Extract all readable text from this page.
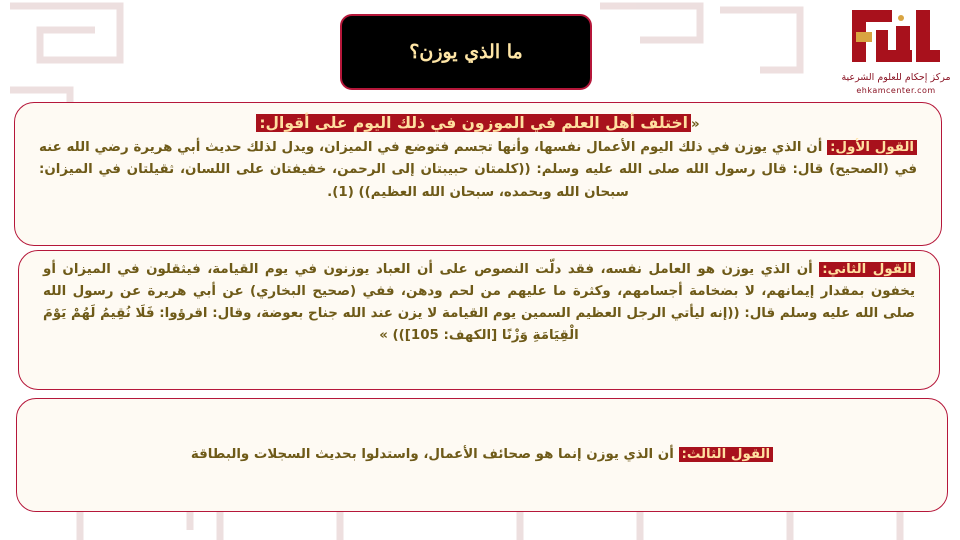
ما الذي يوزن؟
مركز إحكام للعلوم الشرعية
ehkamcenter.com

«اختلف أهل العلم في الموزون في ذلك اليوم على أقوال:
القول الأول: أن الذي يوزن في ذلك اليوم الأعمال نفسها، وأنها تجسم فتوضع في الميزان، ويدل لذلك حديث أبي هريرة رضي الله عنه في (الصحيح) قال: قال رسول الله صلى الله عليه وسلم: ((كلمتان حبيبتان إلى الرحمن، خفيفتان على اللسان، ثقيلتان في الميزان: سبحان الله وبحمده، سبحان الله العظيم)) (1).

القول الثاني: أن الذي يوزن هو العامل نفسه، فقد دلّت النصوص على أن العباد يوزنون في يوم القيامة، فيثقلون في الميزان أو يخفون بمقدار إيمانهم، لا بضخامة أجسامهم، وكثرة ما عليهم من لحم ودهن، ففي (صحيح البخاري) عن أبي هريرة عن رسول الله صلى الله عليه وسلم قال: ((إنه ليأتي الرجل العظيم السمين يوم القيامة لا يزن عند الله جناح بعوضة، وقال: اقرؤوا: فَلَا نُقِيمُ لَهُمْ يَوْمَ الْقِيَامَةِ وَزْنًا [الكهف: 105])) »

القول الثالث: أن الذي يوزن إنما هو صحائف الأعمال، واستدلوا بحديث السجلات والبطاقة
